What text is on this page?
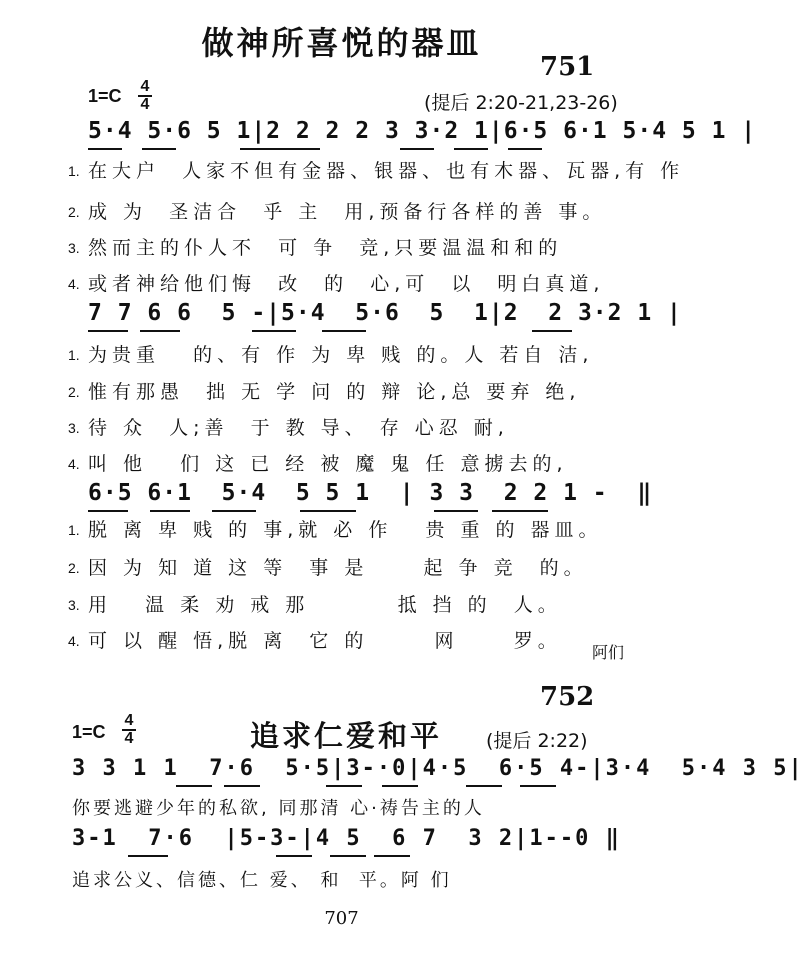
做神所喜悦的器皿
751
1=C 4
4	(提后 2:20-21,23-26)
5·4 5·6 5 1|2 2 2 2 3 3·2 1|6·5 6·1 5·4 5 1 |
1. 在大户  人家不但有金器、银器、也有木器、瓦器,有 作
2. 成 为  圣洁合  乎 主  用,预备行各样的善 事。
3. 然而主的仆人不  可 争  竞,只要温温和和的
4. 或者神给他们悔  改  的  心,可  以  明白真道,
7 7 6 6  5 -|5·4  5·6  5  1|2  2 3·2 1 |
1. 为贵重   的、有 作 为 卑 贱 的。人 若自 洁,
2. 惟有那愚  拙 无 学 问 的 辩 论,总 要弃 绝,
3. 待 众  人;善  于 教 导、 存 心忍 耐,
4. 叫 他   们 这 已 经 被 魔 鬼 任 意掳去的,
6·5 6·1  5·4  5 5 1  | 3 3  2 2 1 -  ‖
1. 脱 离 卑 贱 的 事,就 必 作   贵 重 的 器皿。
2. 因 为 知 道 这 等  事 是     起 争 竞  的。
3. 用   温 柔 劝 戒 那        抵 挡 的  人。
4. 可 以 醒 悟,脱 离  它 的      网     罗。
阿们
752
1=C
4
4	追求仁爱和平 (提后 2:22)
3 3 1 1  7·6  5·5|3-·0|4·5  6·5 4-|3·4  5·4 3 5|
你要逃避少年的私欲, 同那清 心·祷告主的人
3-1  7·6  |5-3-|4 5  6 7  3 2|1--0 ‖
追求公义、信德、仁 爱、 和  平。阿 们
707
